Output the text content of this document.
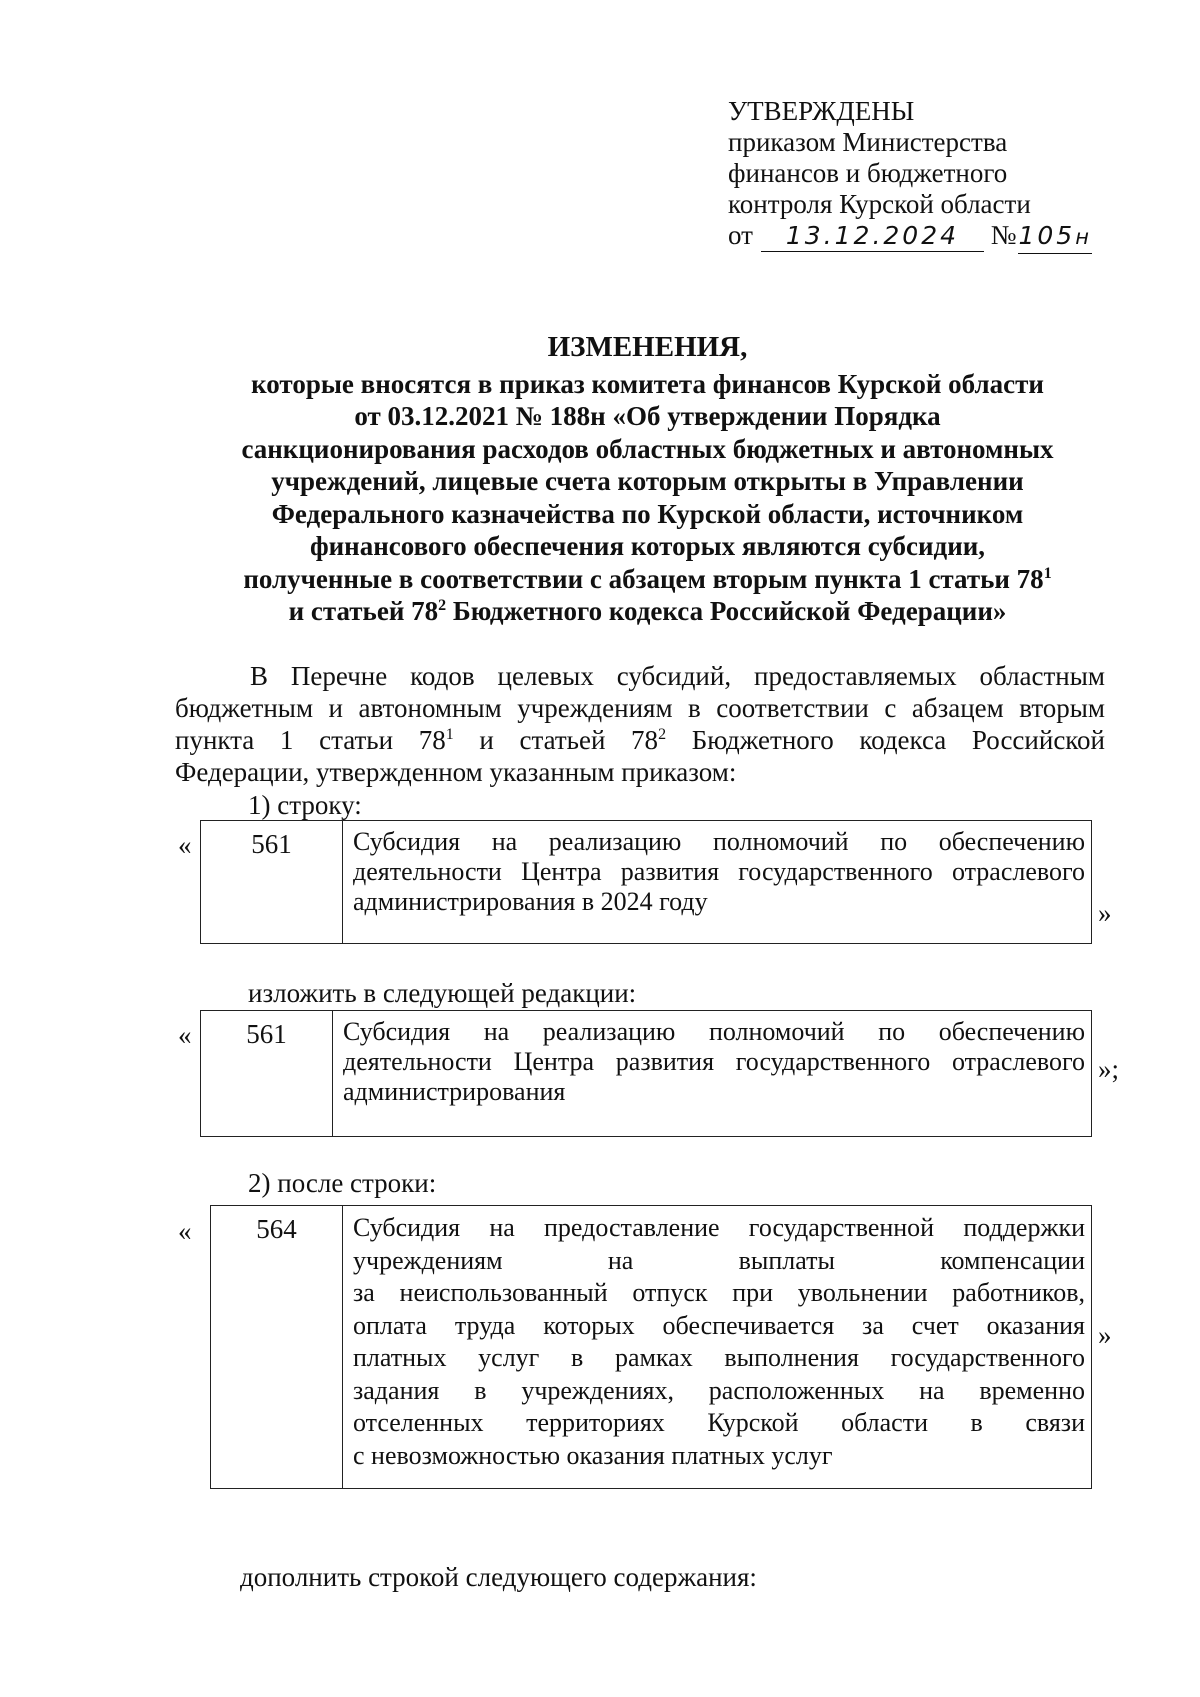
УТВЕРЖДЕНЫ
приказом Министерства
финансов и бюджетного
контроля Курской области
от 13.12.2024 №105н
ИЗМЕНЕНИЯ,
которые вносятся в приказ комитета финансов Курской области
от 03.12.2021 № 188н «Об утверждении Порядка
санкционирования расходов областных бюджетных и автономных
учреждений, лицевые счета которым открыты в Управлении
Федерального казначейства по Курской области, источником
финансового обеспечения которых являются субсидии,
полученные в соответствии с абзацем вторым пункта 1 статьи $78^1$
и статьей $78^2$ Бюджетного кодекса Российской Федерации»
В Перечне кодов целевых субсидий, предоставляемых областным
бюджетным и автономным учреждениям в соответствии с абзацем вторым
пункта 1 статьи $78^1$ и статьей $78^2$ Бюджетного кодекса Российской
Федерации, утвержденном указанным приказом:
1) строку:
«	561	Субсидия на реализацию полномочий по обеспечению
деятельности Центра развития государственного отраслевого
администрирования в 2024 году	»
изложить в следующей редакции:
«	561	Субсидия на реализацию полномочий по обеспечению
деятельности Центра развития государственного отраслевого
администрирования
»;
2) после строки:
«	564	Субсидия на предоставление государственной поддержки
учреждениям на выплаты компенсации
за неиспользованный отпуск при увольнении работников,
оплата труда которых обеспечивается за счет оказания
платных услуг в рамках выполнения государственного
задания в учреждениях, расположенных на временно
отселенных территориях Курской области в связи
с невозможностью оказания платных услуг
»
дополнить строкой следующего содержания:
